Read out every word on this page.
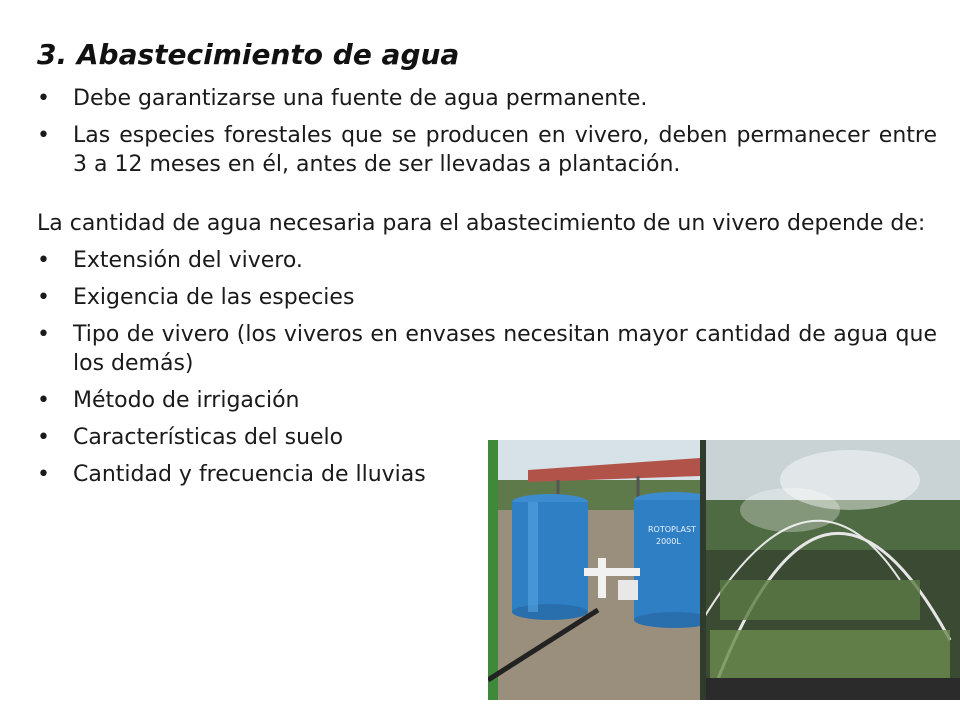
3. Abastecimiento de agua
• Debe garantizarse una fuente de agua permanente.
• Las especies forestales que se producen en vivero, deben permanecer entre 3 a 12 meses en él, antes de ser llevadas a plantación.

La cantidad de agua necesaria para el abastecimiento de un vivero depende de:

• Extensión del vivero.
• Exigencia de las especies
• Tipo de vivero (los viveros en envases necesitan mayor cantidad de agua que los demás)
• Método de irrigación
• Características del suelo
• Cantidad y frecuencia de lluvias
ROTOPLAST
2000L
